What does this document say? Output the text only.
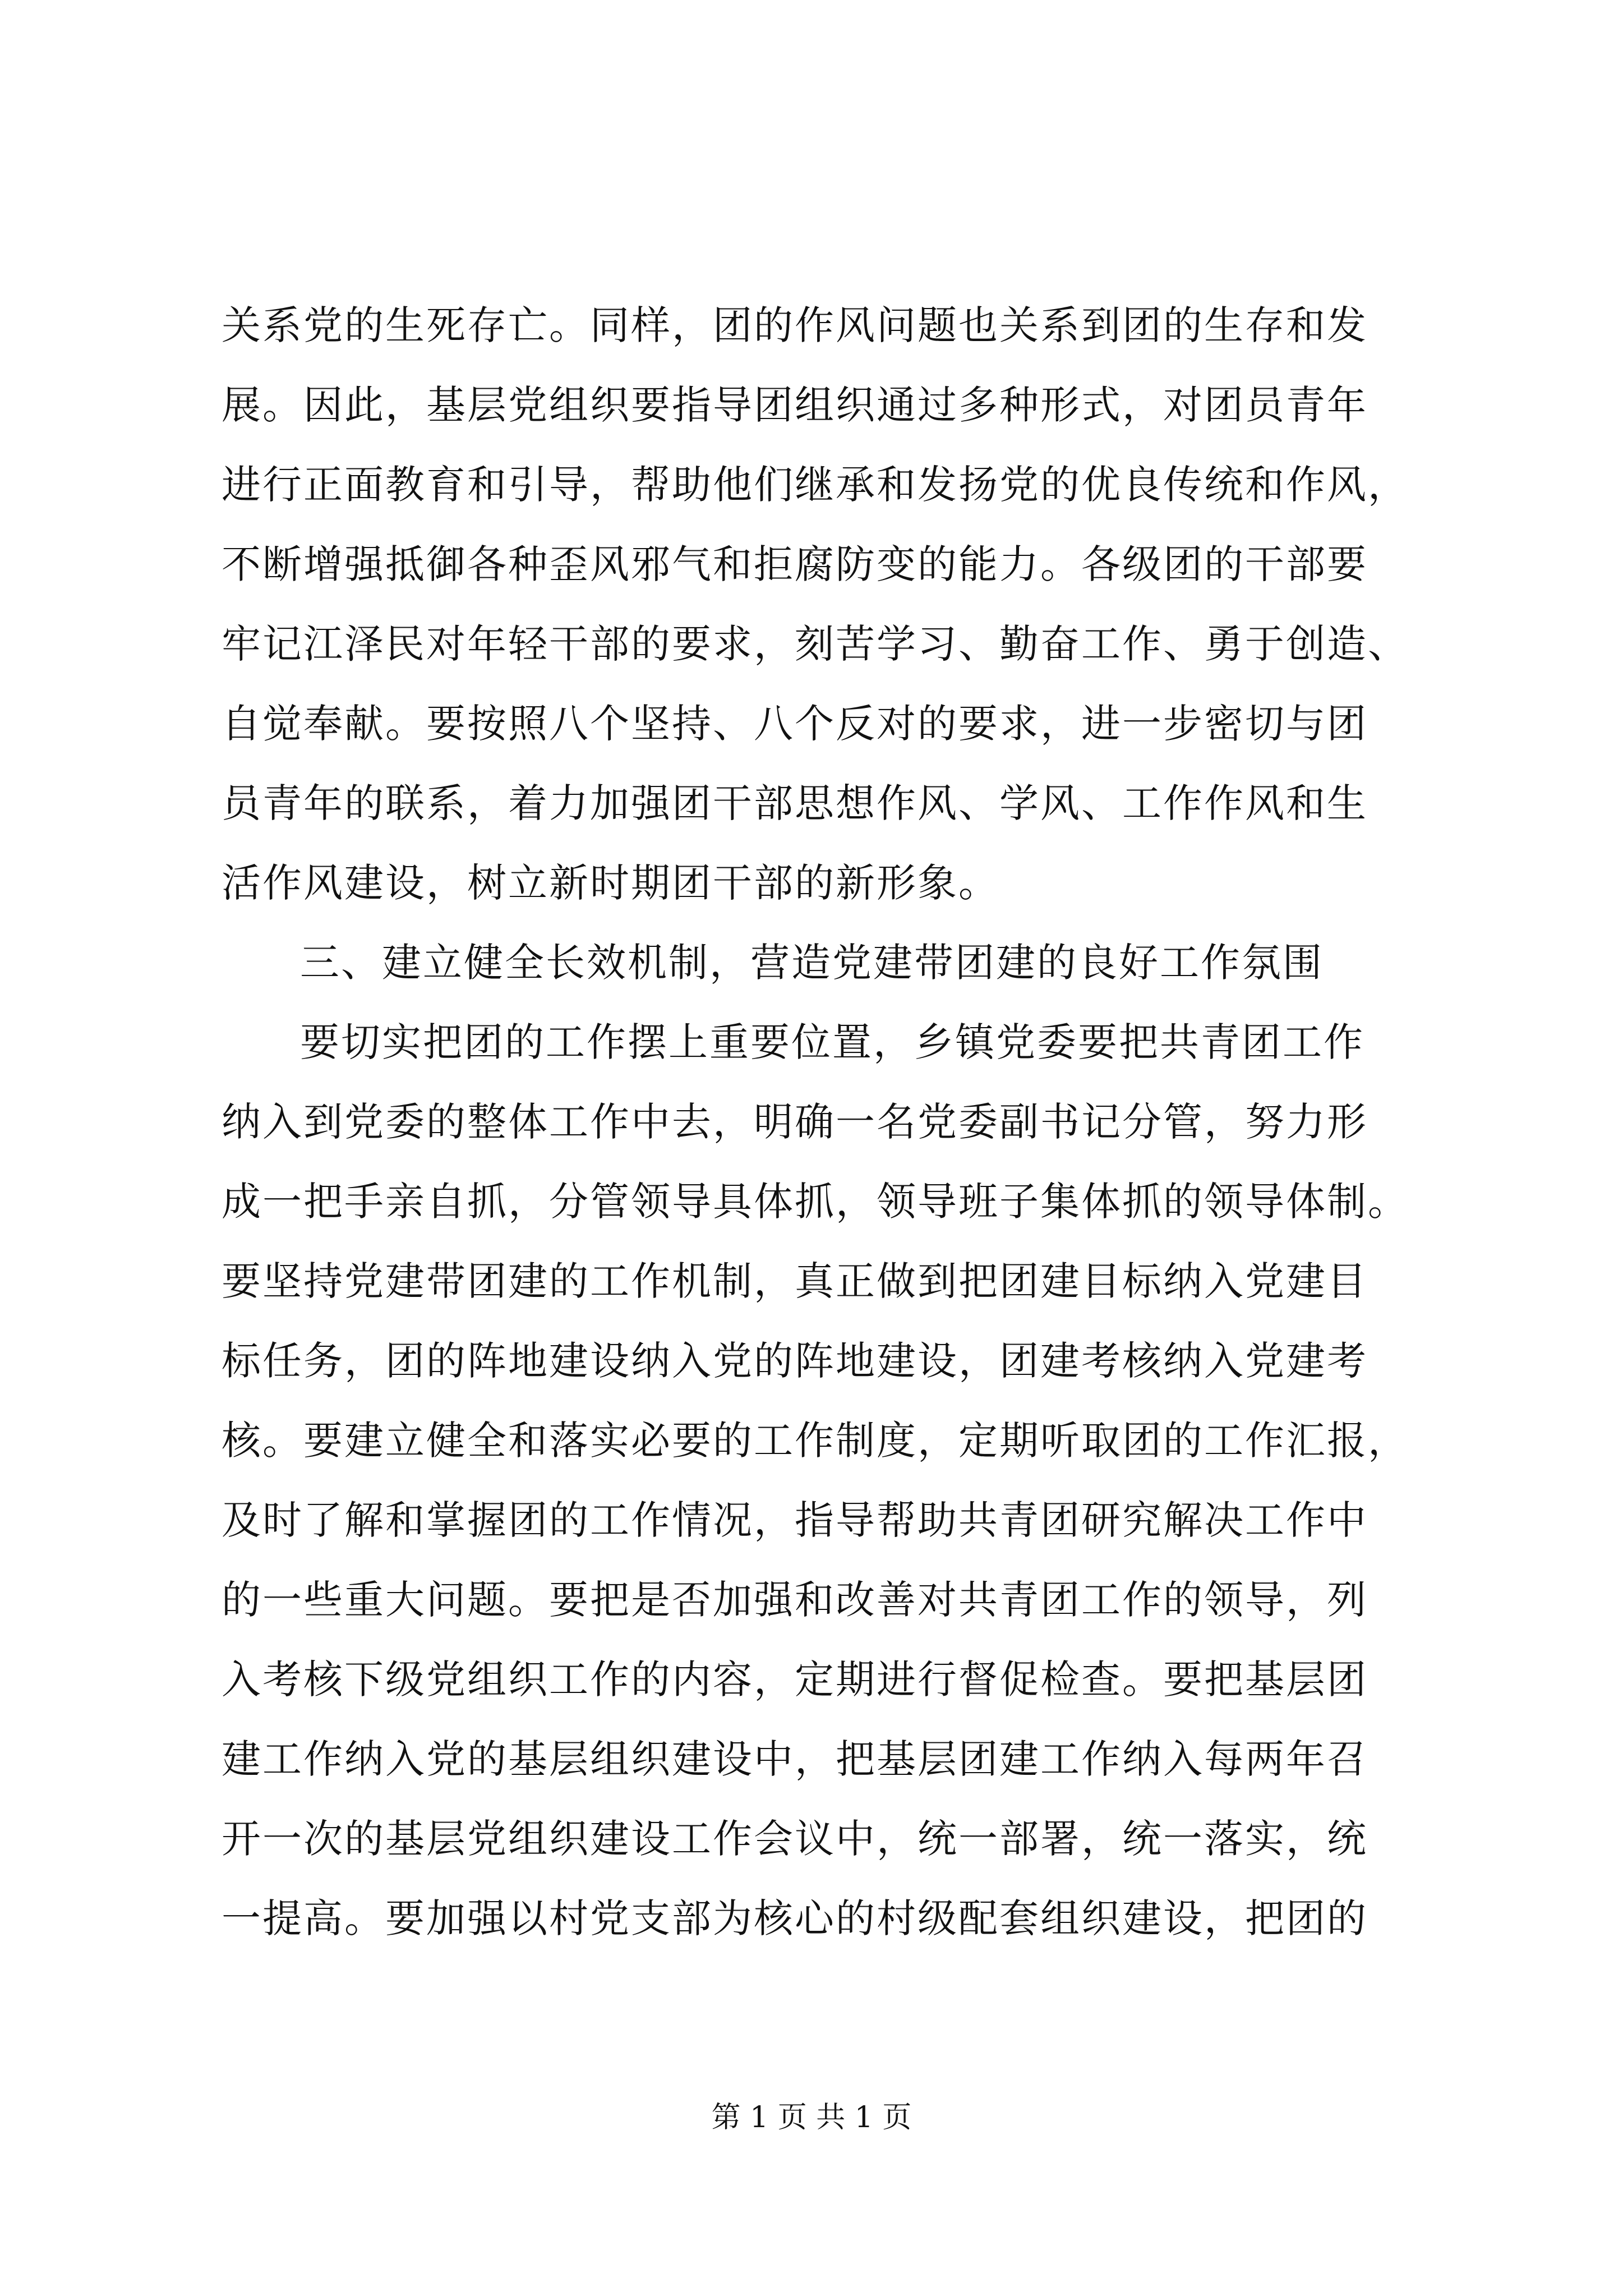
关系党的生死存亡。同样，团的作风问题也关系到团的生存和发
展。因此，基层党组织要指导团组织通过多种形式，对团员青年
进行正面教育和引导，帮助他们继承和发扬党的优良传统和作风，
不断增强抵御各种歪风邪气和拒腐防变的能力。各级团的干部要
牢记江泽民对年轻干部的要求，刻苦学习、勤奋工作、勇于创造、
自觉奉献。要按照八个坚持、八个反对的要求，进一步密切与团
员青年的联系，着力加强团干部思想作风、学风、工作作风和生
活作风建设，树立新时期团干部的新形象。
三、建立健全长效机制，营造党建带团建的良好工作氛围
要切实把团的工作摆上重要位置，乡镇党委要把共青团工作
纳入到党委的整体工作中去，明确一名党委副书记分管，努力形
成一把手亲自抓，分管领导具体抓，领导班子集体抓的领导体制。
要坚持党建带团建的工作机制，真正做到把团建目标纳入党建目
标任务，团的阵地建设纳入党的阵地建设，团建考核纳入党建考
核。要建立健全和落实必要的工作制度，定期听取团的工作汇报，
及时了解和掌握团的工作情况，指导帮助共青团研究解决工作中
的一些重大问题。要把是否加强和改善对共青团工作的领导，列
入考核下级党组织工作的内容，定期进行督促检查。要把基层团
建工作纳入党的基层组织建设中，把基层团建工作纳入每两年召
开一次的基层党组织建设工作会议中，统一部署，统一落实，统
一提高。要加强以村党支部为核心的村级配套组织建设，把团的
第 1 页 共 1 页
